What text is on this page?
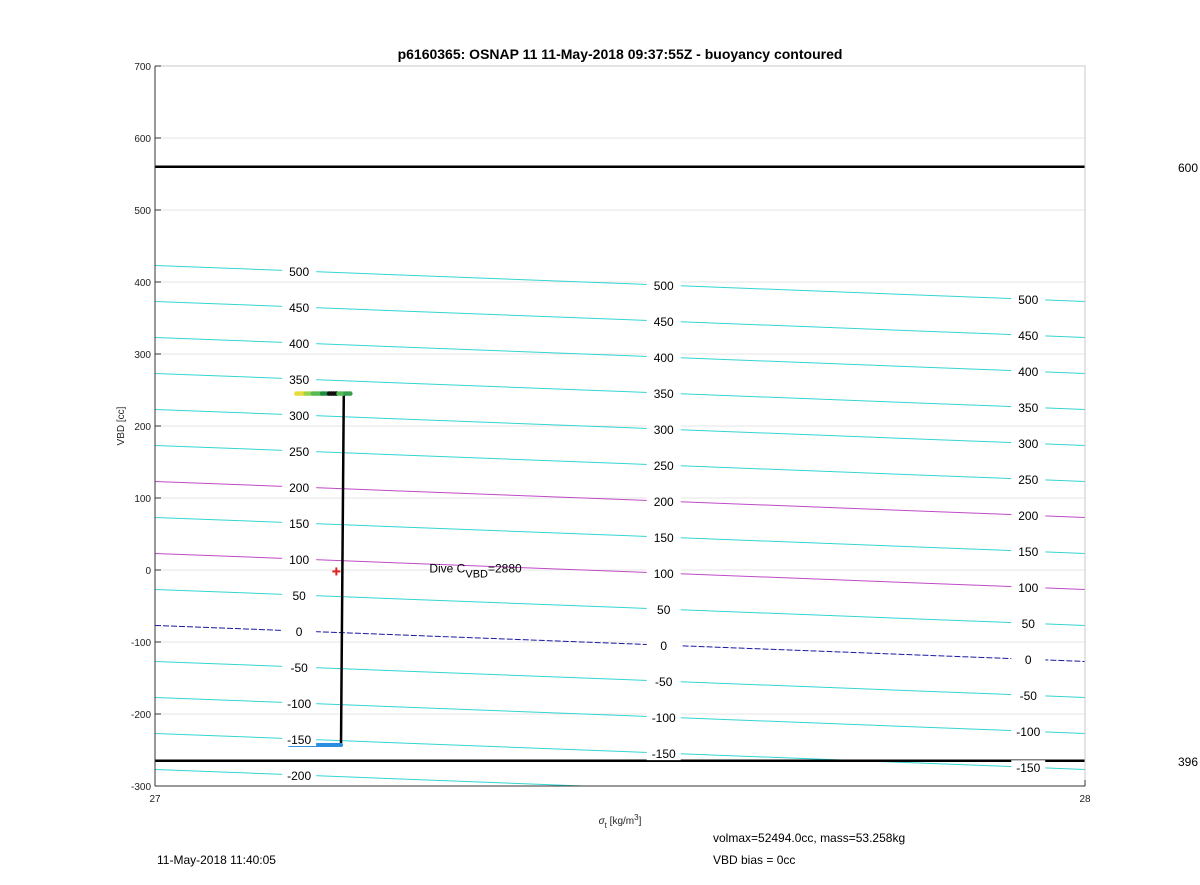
p6160365: OSNAP 11 11-May-2018 09:37:55Z - buoyancy contoured
600
396
500
500
500
450
450
450
400
400
400
350
350
350
300
300
300
250
250
250
200
200
200
150
150
150
100
100
100
50
50
50
0
0
0
-50
-50
-50
-100
-100
-100
-150
-150
-150
-200
Dive CVBD=2880
700
600
500
400
300
200
100
0
-100
-200
-300
27	28
VBD [cc]
$\sigma_t$ $[kg/m^3]$
11-May-2018 11:40:05
volmax=52494.0cc, mass=53.258kg
VBD bias = 0cc
